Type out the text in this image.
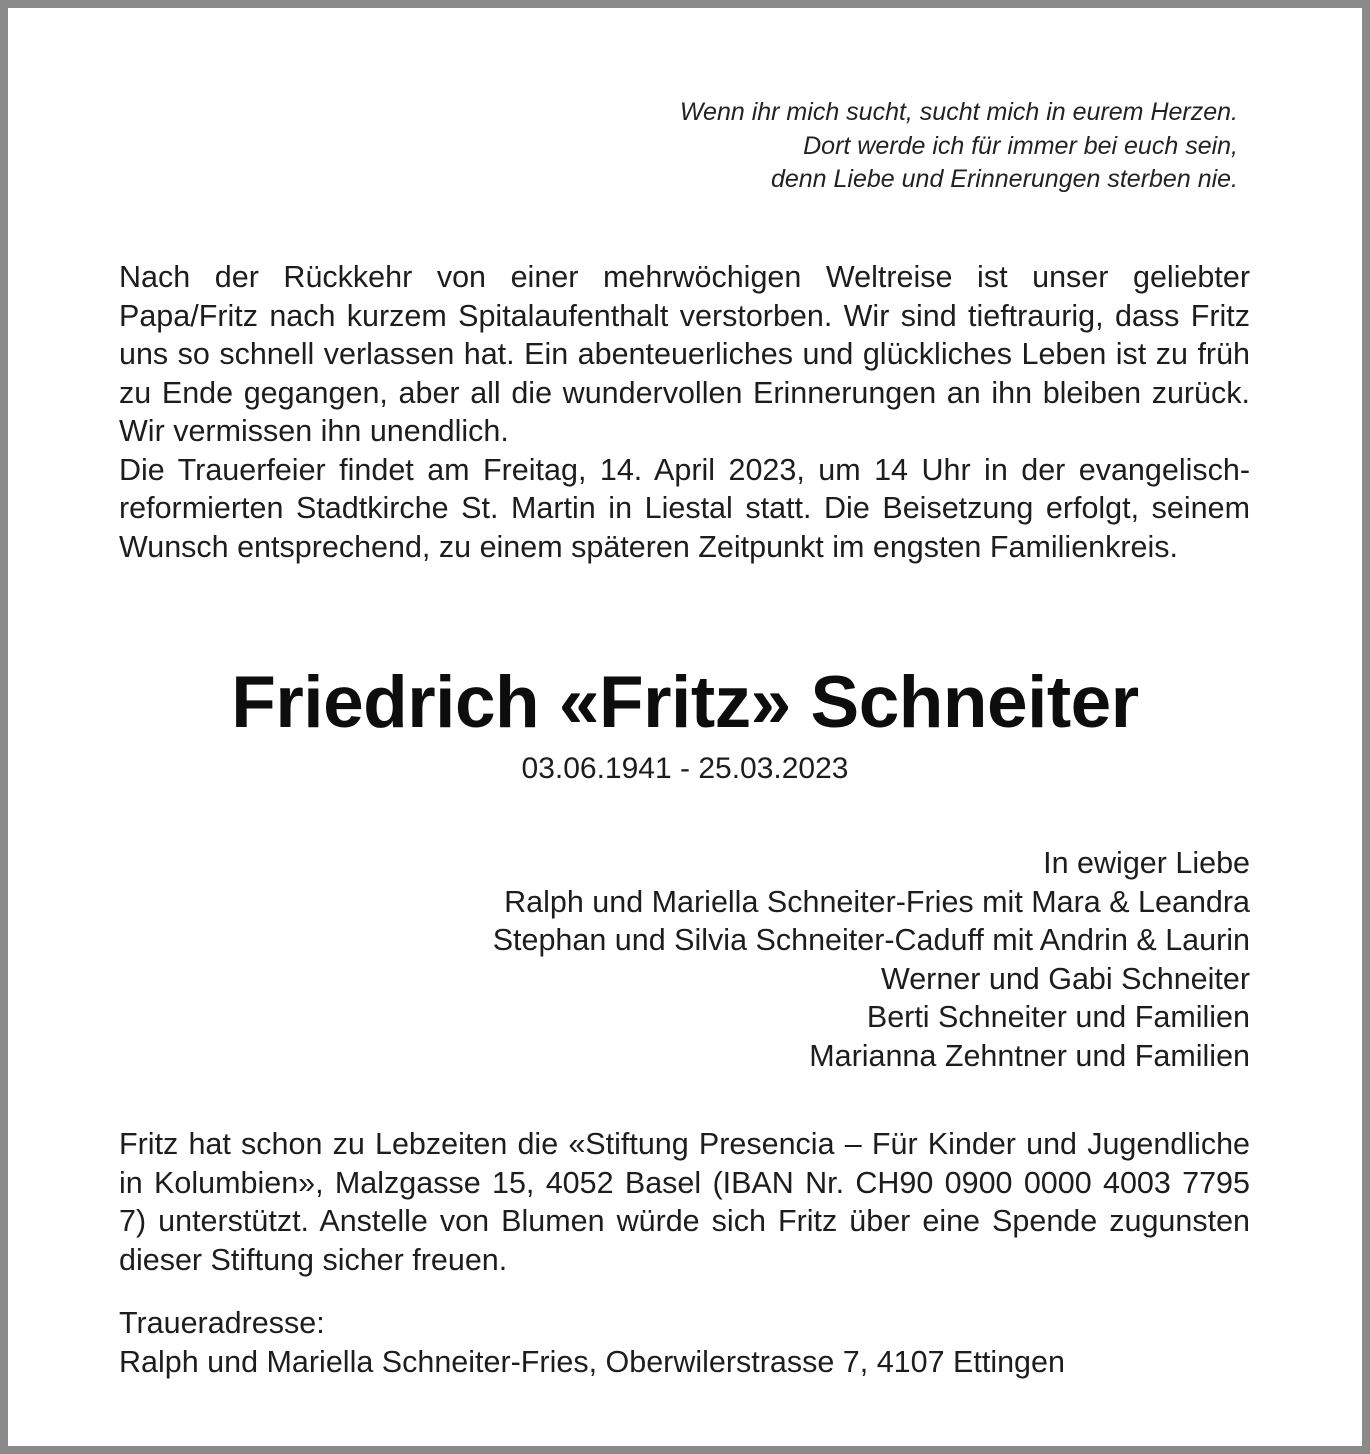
Wenn ihr mich sucht, sucht mich in eurem Herzen.
Dort werde ich für immer bei euch sein,
denn Liebe und Erinnerungen sterben nie.

Nach der Rückkehr von einer mehrwöchigen Weltreise ist unser geliebter Papa/Fritz nach kurzem Spitalaufenthalt verstorben. Wir sind tieftraurig, dass Fritz uns so schnell verlassen hat. Ein abenteuerliches und glückliches Leben ist zu früh zu Ende gegangen, aber all die wundervollen Erinnerungen an ihn bleiben zurück. Wir vermissen ihn unendlich.

Die Trauerfeier findet am Freitag, 14. April 2023, um 14 Uhr in der evangelisch-reformierten Stadtkirche St. Martin in Liestal statt. Die Beisetzung erfolgt, seinem Wunsch entsprechend, zu einem späteren Zeitpunkt im engsten Familienkreis.

Friedrich «Fritz» Schneiter
03.06.1941 - 25.03.2023
In ewiger Liebe
Ralph und Mariella Schneiter-Fries mit Mara & Leandra
Stephan und Silvia Schneiter-Caduff mit Andrin & Laurin
Werner und Gabi Schneiter
Berti Schneiter und Familien
Marianna Zehntner und Familien

Fritz hat schon zu Lebzeiten die «Stiftung Presencia – Für Kinder und Jugendliche in Kolumbien», Malzgasse 15, 4052 Basel (IBAN Nr. CH90 0900 0000 4003 7795 7) unterstützt. Anstelle von Blumen würde sich Fritz über eine Spende zugunsten dieser Stiftung sicher freuen.

Traueradresse:
Ralph und Mariella Schneiter-Fries, Oberwilerstrasse 7, 4107 Ettingen
